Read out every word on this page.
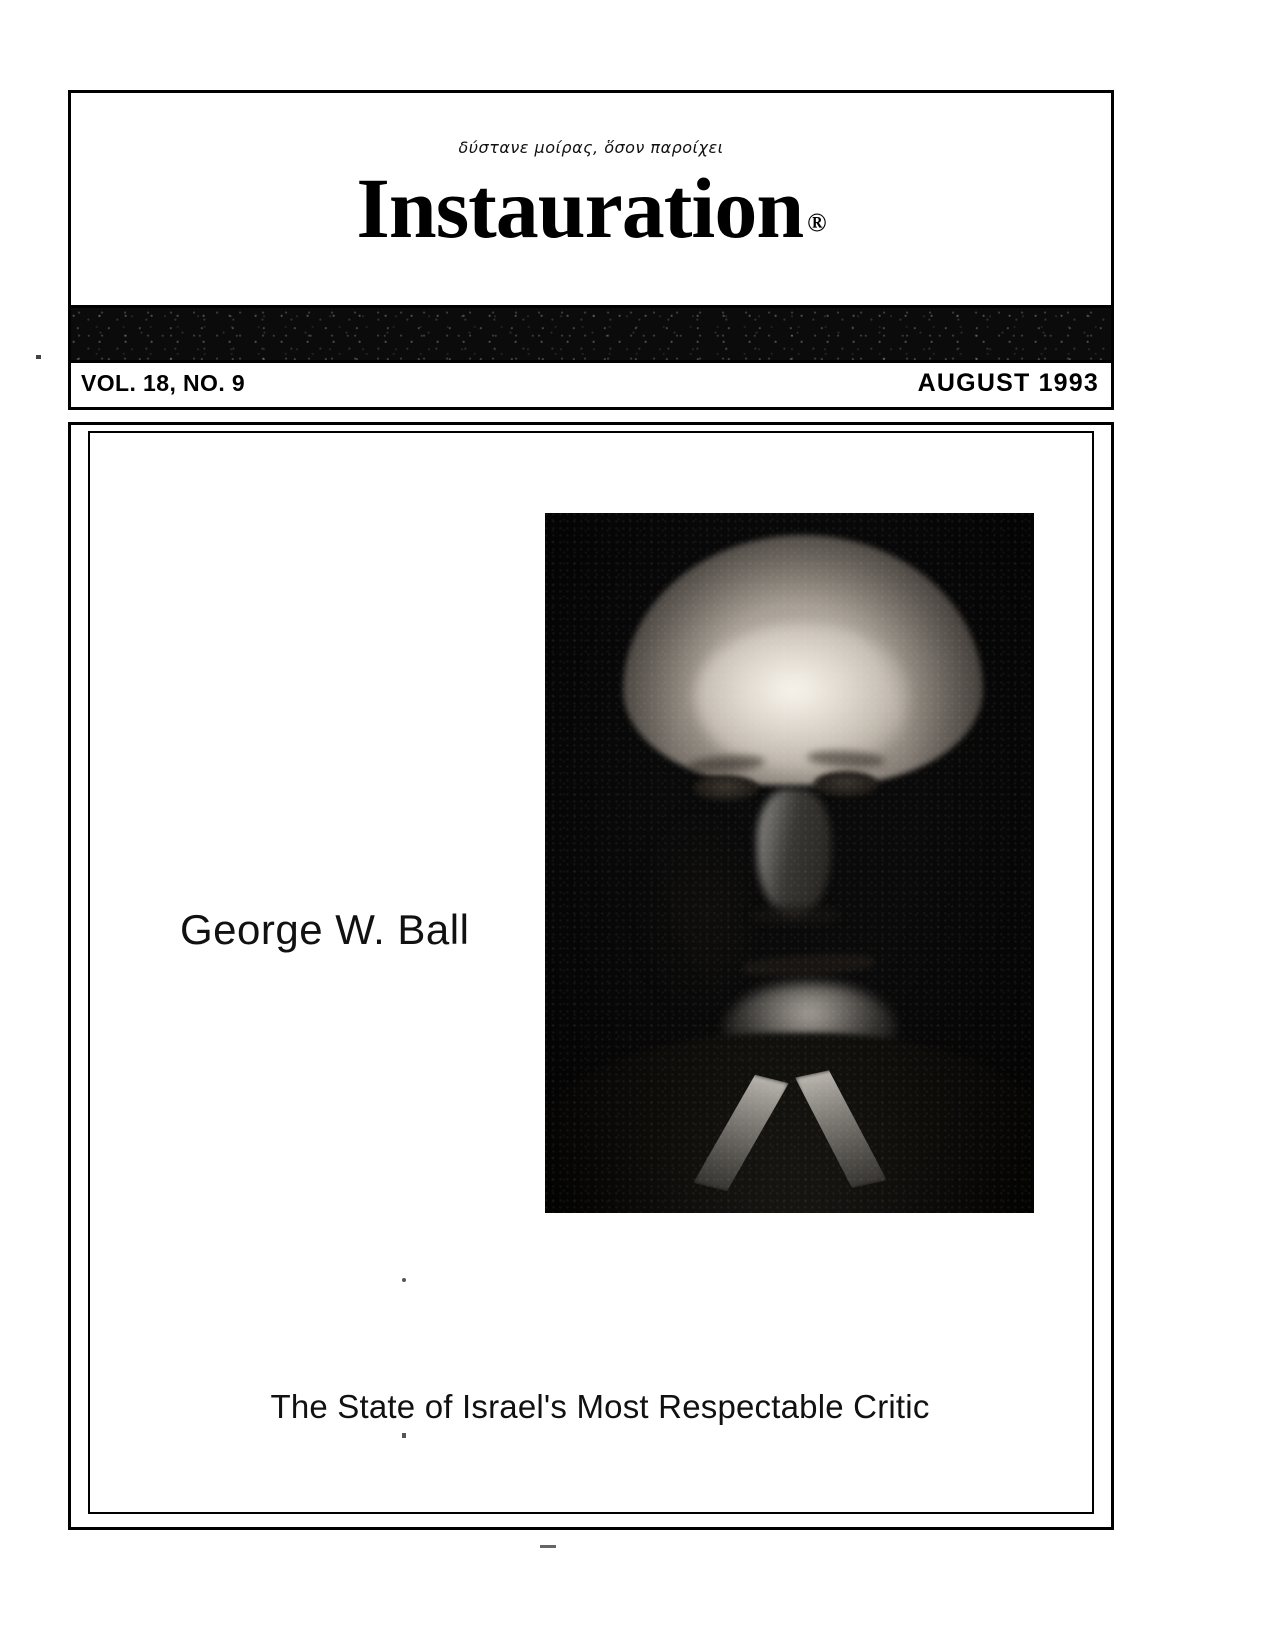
δύστανε μοίρας, ὅσον παροίχει
Instauration ®
VOL. 18, NO. 9	AUGUST 1993
George W. Ball
The State of Israel's Most Respectable Critic
